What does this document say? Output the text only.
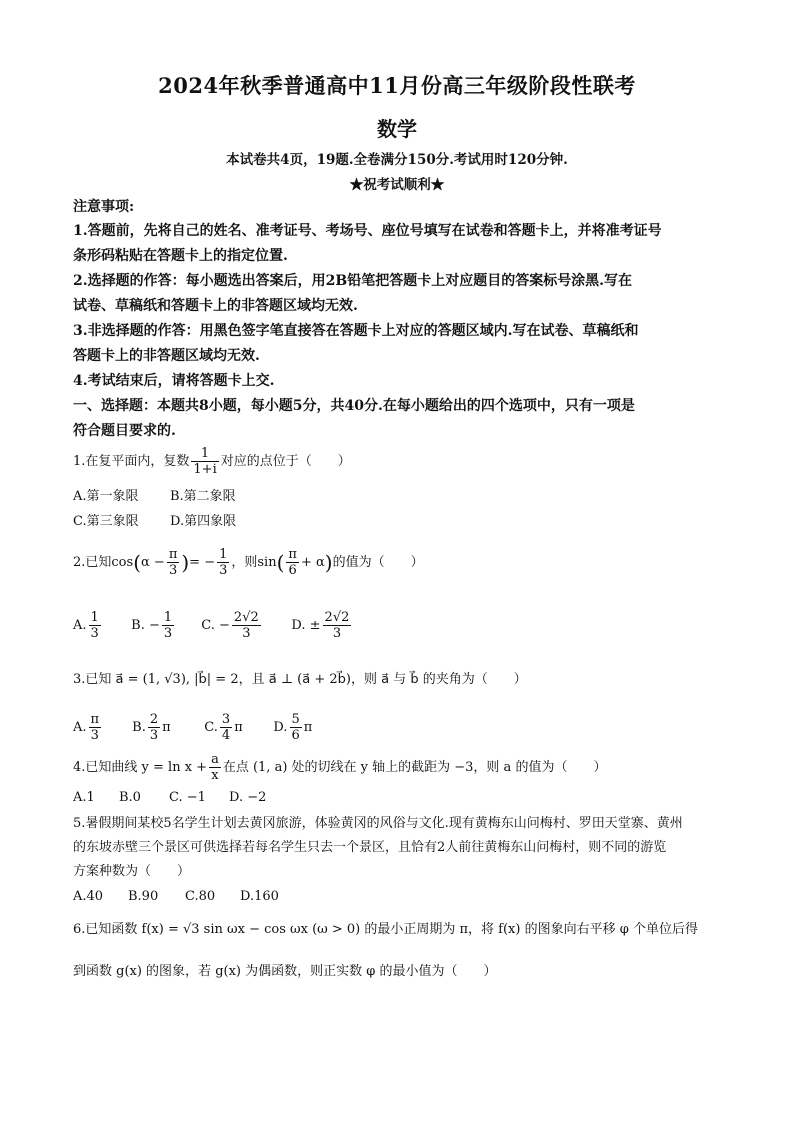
2024年秋季普通高中11月份高三年级阶段性联考
数学
本试卷共4页，19题.全卷满分150分.考试用时120分钟.
★祝考试顺利★
注意事项:
1.答题前，先将自己的姓名、准考证号、考场号、座位号填写在试卷和答题卡上，并将准考证号
条形码粘贴在答题卡上的指定位置.
2.选择题的作答：每小题选出答案后，用2B铅笔把答题卡上对应题目的答案标号涂黑.写在
试卷、草稿纸和答题卡上的非答题区域均无效.
3.非选择题的作答：用黑色签字笔直接答在答题卡上对应的答题区域内.写在试卷、草稿纸和
答题卡上的非答题区域均无效.
4.考试结束后，请将答题卡上交.
一、选择题：本题共8小题，每小题5分，共40分.在每小题给出的四个选项中，只有一项是
符合题目要求的.
1.在复平面内，复数 $\frac{1}{1+i}$ 对应的点位于（　　）
A.第一象限 B.第二象限
C.第三象限 D.第四象限
2.已知$\cos(\alpha - \frac{\pi}{3}$ )= − $\frac{1}{3}$ ，则$\sin( \frac{\pi}{6} + \alpha)$的值为（　　）
A. $\frac{1}{3} B$. − $\frac{1}{3} C$. − $\frac{2√2}{3} D$. ± $\frac{2√2}{3}$
3.已知 a⃗ = (1, √3), |b⃗| = 2，且 a⃗ ⊥ (a⃗ + 2b⃗)，则 a⃗ 与 b⃗ 的夹角为（　　）
A. $\frac{\pi}{3} B$. $\frac{2}{3}$ π	C. $\frac{3}{4}$ π D. $\frac{5}{6}$ π
4.已知曲线 $y = \ln x + \frac{a}{x}$ 在点 (1, a) 处的切线在 y 轴上的截距为 −3，则 a 的值为（　　）
A.1 B.0 C. −1 D. −2
5.暑假期间某校5名学生计划去黄冈旅游，体验黄冈的风俗与文化.现有黄梅东山问梅村、罗田天堂寨、黄州
的东坡赤壁三个景区可供选择若每名学生只去一个景区，且恰有2人前往黄梅东山问梅村，则不同的游览
方案种数为（　　）
A.40 B.90 C.80 D.160
6.已知函数 f(x) = √3 sin ωx − cos ωx (ω > 0) 的最小正周期为 π，将 f(x) 的图象向右平移 φ 个单位后得
到函数 g(x) 的图象，若 g(x) 为偶函数，则正实数 φ 的最小值为（　　）
